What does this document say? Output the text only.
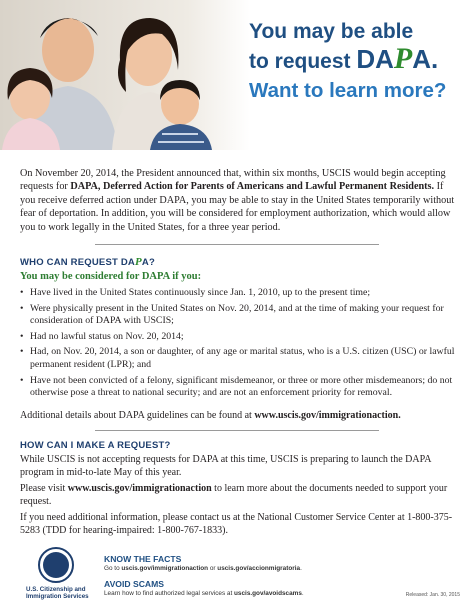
You may be able
to request DAPA.
Want to learn more?
On November 20, 2014, the President announced that, within six months, USCIS would begin accepting requests for DAPA, Deferred Action for Parents of Americans and Lawful Permanent Residents. If you receive deferred action under DAPA, you may be able to stay in the United States temporarily without fear of deportation. In addition, you will be considered for employment authorization, which would allow you to work legally in the United States, for a three year period.
WHO CAN REQUEST DAPA?
You may be considered for DAPA if you:
• Have lived in the United States continuously since Jan. 1, 2010, up to the present time;
• Were physically present in the United States on Nov. 20, 2014, and at the time of making your request for consideration of DAPA with USCIS;
• Had no lawful status on Nov. 20, 2014;
• Had, on Nov. 20, 2014, a son or daughter, of any age or marital status, who is a U.S. citizen (USC) or lawful permanent resident (LPR); and
• Have not been convicted of a felony, significant misdemeanor, or three or more other misdemeanors; do not otherwise pose a threat to national security; and are not an enforcement priority for removal.
Additional details about DAPA guidelines can be found at www.uscis.gov/immigrationaction.
HOW CAN I MAKE A REQUEST?
While USCIS is not accepting requests for DAPA at this time, USCIS is preparing to launch the DAPA program in mid-to-late May of this year.
Please visit www.uscis.gov/immigrationaction to learn more about the documents needed to support your request.
If you need additional information, please contact us at the National Customer Service Center at 1-800-375-5283 (TDD for hearing-impaired: 1-800-767-1833).
U.S. Citizenship and
Immigration Services
KNOW THE FACTS
Go to uscis.gov/immigrationaction or uscis.gov/accionmigratoria.
AVOID SCAMS
Learn how to find authorized legal services at uscis.gov/avoidscams.	Released: Jan. 30, 2015
